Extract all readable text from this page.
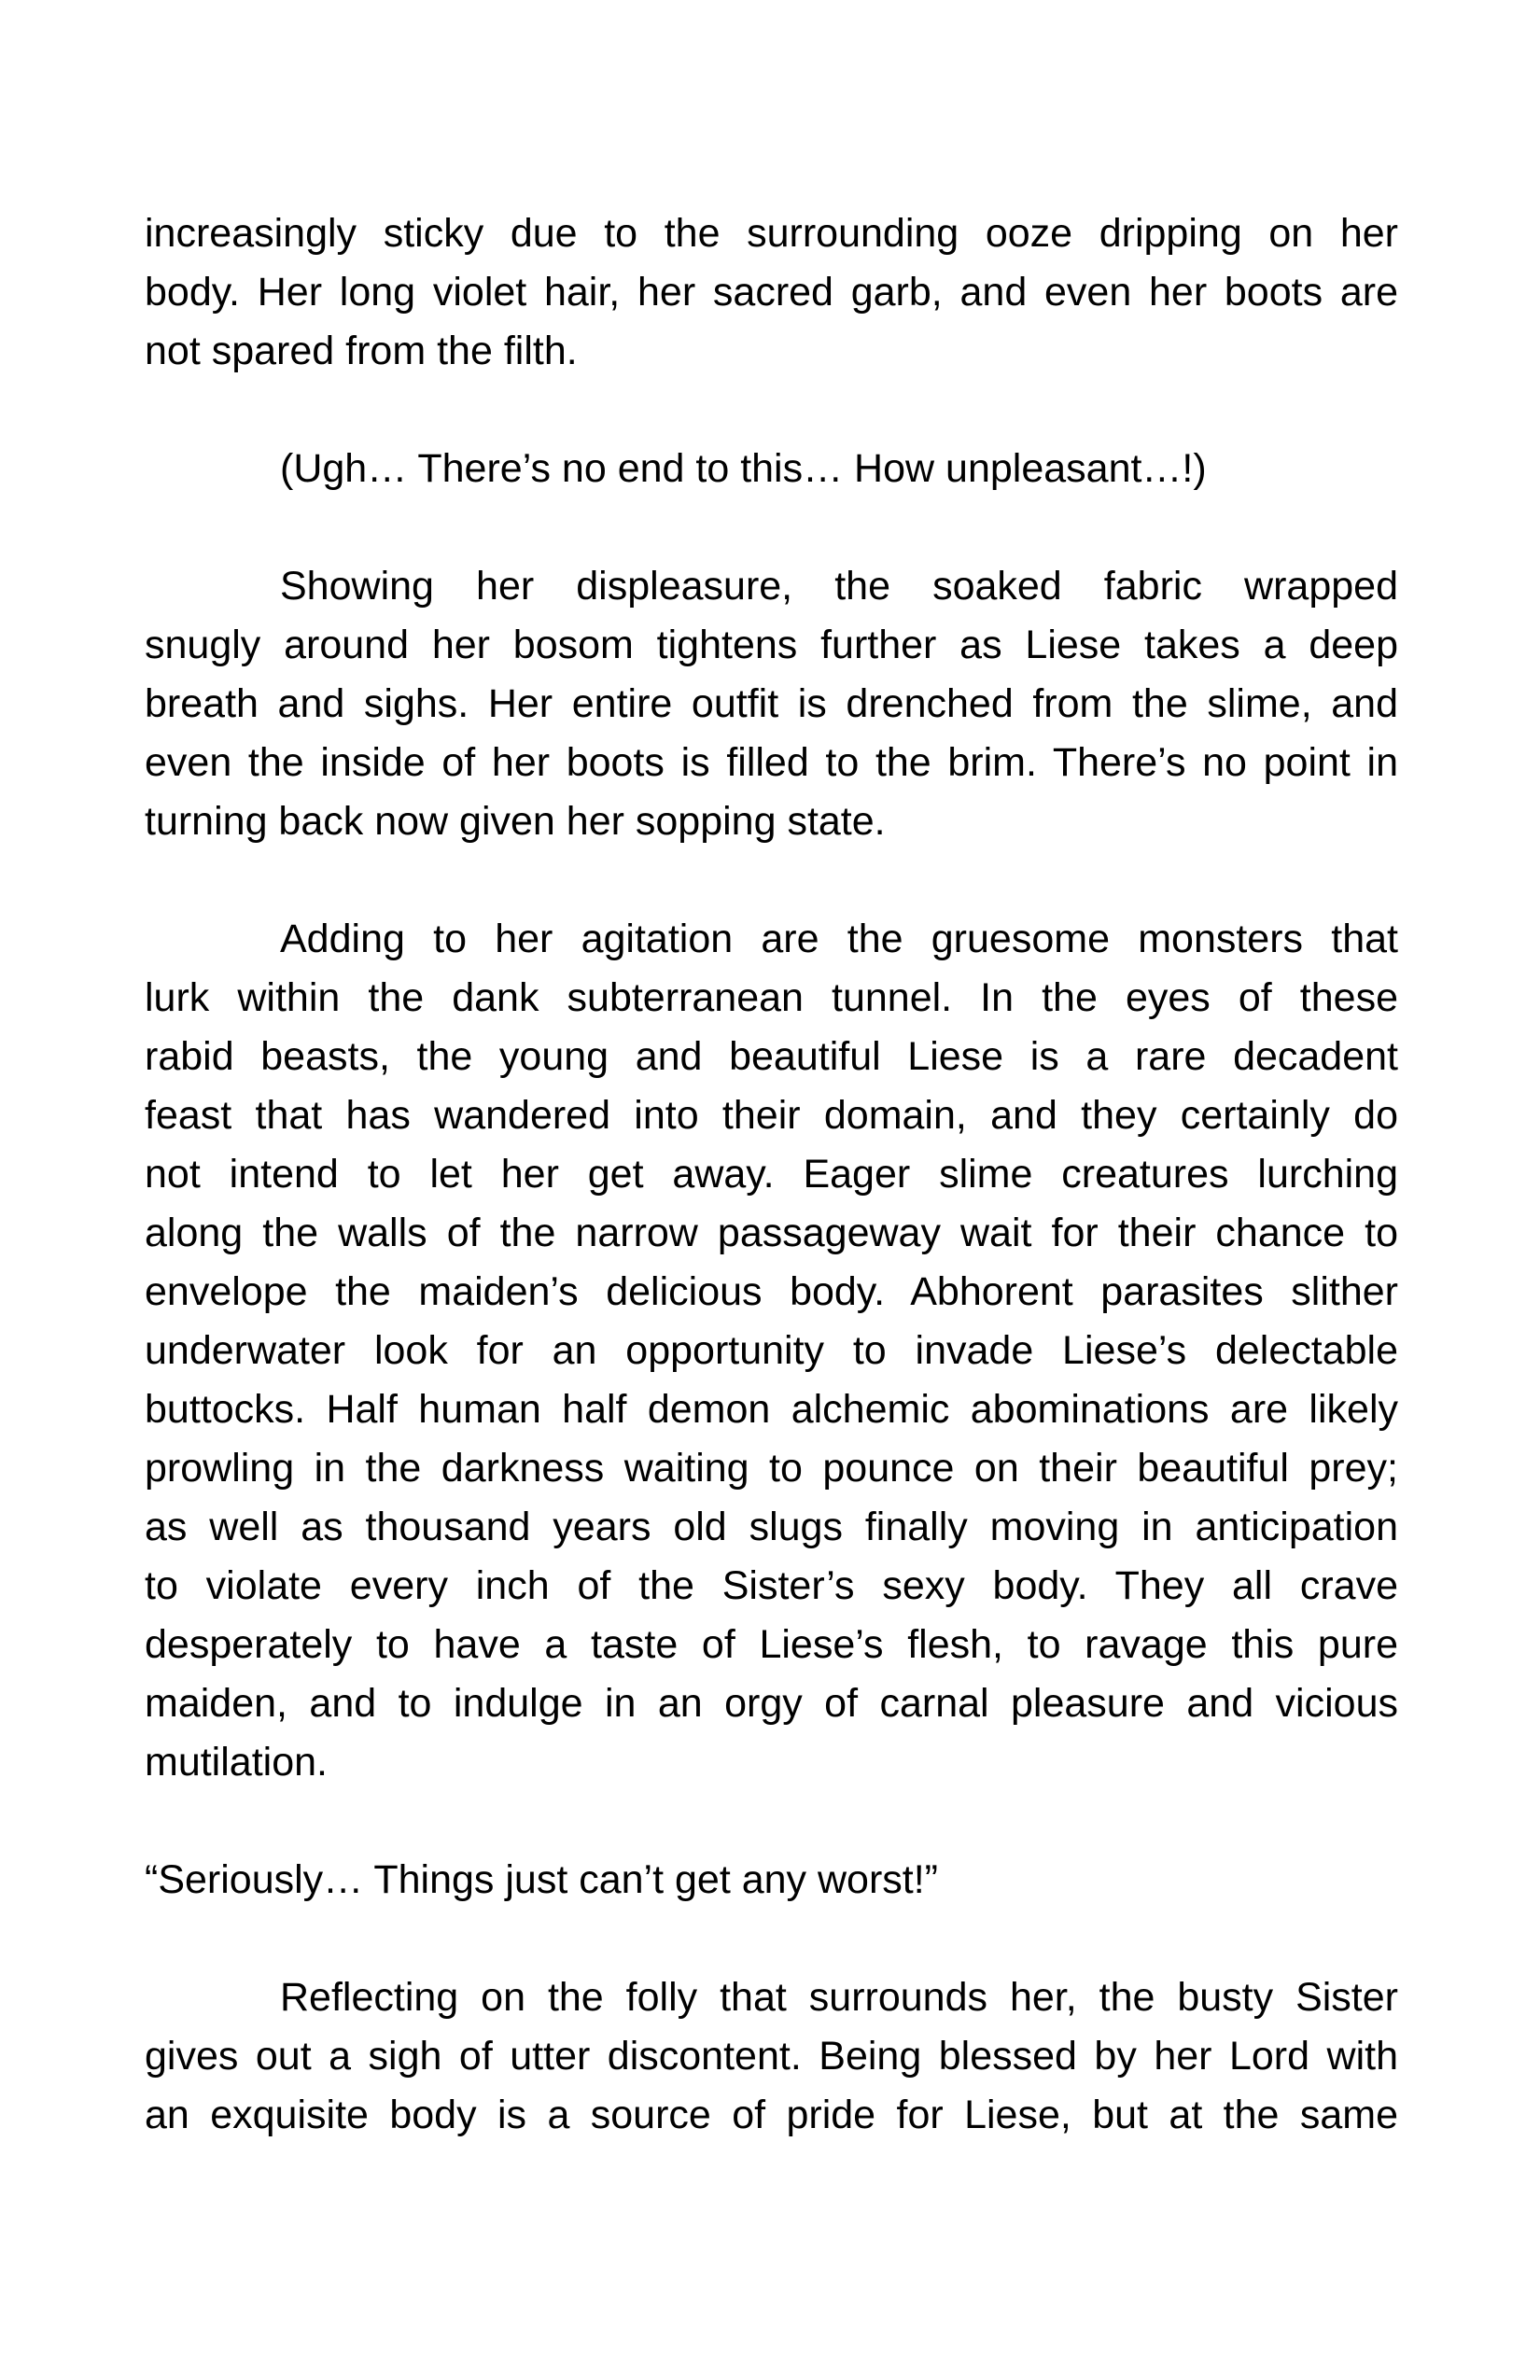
increasingly sticky due to the surrounding ooze dripping on her
body. Her long violet hair, her sacred garb, and even her boots are
not spared from the filth.
(Ugh… There’s no end to this… How unpleasant…!)
Showing her displeasure, the soaked fabric wrapped
snugly around her bosom tightens further as Liese takes a deep
breath and sighs. Her entire outfit is drenched from the slime, and
even the inside of her boots is filled to the brim. There’s no point in
turning back now given her sopping state.
Adding to her agitation are the gruesome monsters that
lurk within the dank subterranean tunnel. In the eyes of these
rabid beasts, the young and beautiful Liese is a rare decadent
feast that has wandered into their domain, and they certainly do
not intend to let her get away. Eager slime creatures lurching
along the walls of the narrow passageway wait for their chance to
envelope the maiden’s delicious body. Abhorent parasites slither
underwater look for an opportunity to invade Liese’s delectable
buttocks. Half human half demon alchemic abominations are likely
prowling in the darkness waiting to pounce on their beautiful prey;
as well as thousand years old slugs finally moving in anticipation
to violate every inch of the Sister’s sexy body. They all crave
desperately to have a taste of Liese’s flesh, to ravage this pure
maiden, and to indulge in an orgy of carnal pleasure and vicious
mutilation.
“Seriously… Things just can’t get any worst!”
Reflecting on the folly that surrounds her, the busty Sister
gives out a sigh of utter discontent. Being blessed by her Lord with
an exquisite body is a source of pride for Liese, but at the same
